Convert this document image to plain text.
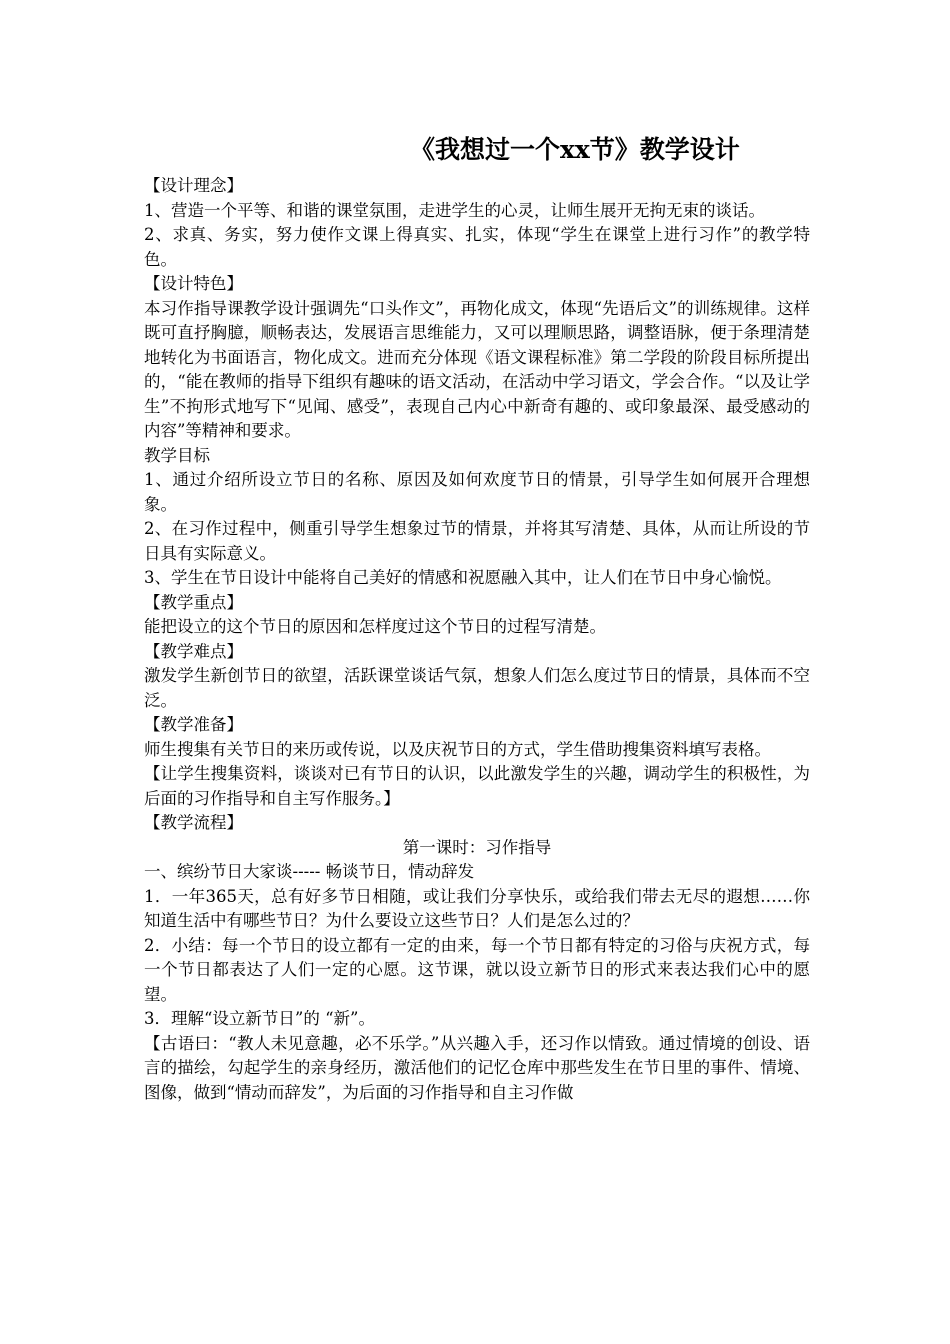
《我想过一个xx节》教学设计

【设计理念】

1、营造一个平等、和谐的课堂氛围，走进学生的心灵，让师生展开无拘无束的谈话。

2、求真、务实，努力使作文课上得真实、扎实，体现“学生在课堂上进行习作”的教学特色。

【设计特色】

本习作指导课教学设计强调先“口头作文”，再物化成文，体现“先语后文”的训练规律。这样既可直抒胸臆，顺畅表达，发展语言思维能力，又可以理顺思路，调整语脉，便于条理清楚地转化为书面语言，物化成文。进而充分体现《语文课程标准》第二学段的阶段目标所提出的，“能在教师的指导下组织有趣味的语文活动，在活动中学习语文，学会合作。“以及让学生”不拘形式地写下“见闻、感受”，表现自己内心中新奇有趣的、或印象最深、最受感动的内容”等精神和要求。

教学目标

1、通过介绍所设立节日的名称、原因及如何欢度节日的情景，引导学生如何展开合理想象。

2、在习作过程中，侧重引导学生想象过节的情景，并将其写清楚、具体，从而让所设的节日具有实际意义。

3、学生在节日设计中能将自己美好的情感和祝愿融入其中，让人们在节日中身心愉悦。

【教学重点】

能把设立的这个节日的原因和怎样度过这个节日的过程写清楚。

【教学难点】

激发学生新创节日的欲望，活跃课堂谈话气氛，想象人们怎么度过节日的情景，具体而不空泛。

【教学准备】

师生搜集有关节日的来历或传说，以及庆祝节日的方式，学生借助搜集资料填写表格。

【让学生搜集资料，谈谈对已有节日的认识，以此激发学生的兴趣，调动学生的积极性，为后面的习作指导和自主写作服务。】

【教学流程】

第一课时：习作指导

一、缤纷节日大家谈----- 畅谈节日，情动辞发

1．一年365天，总有好多节日相随，或让我们分享快乐，或给我们带去无尽的遐想……你知道生活中有哪些节日？为什么要设立这些节日？人们是怎么过的？

2．小结：每一个节日的设立都有一定的由来，每一个节日都有特定的习俗与庆祝方式，每一个节日都表达了人们一定的心愿。这节课，就以设立新节日的形式来表达我们心中的愿望。

3．理解“设立新节日”的 “新”。

【古语曰：“教人未见意趣，必不乐学。”从兴趣入手，还习作以情致。通过情境的创设、语言的描绘，勾起学生的亲身经历，激活他们的记忆仓库中那些发生在节日里的事件、情境、图像，做到“情动而辞发”，为后面的习作指导和自主习作做
